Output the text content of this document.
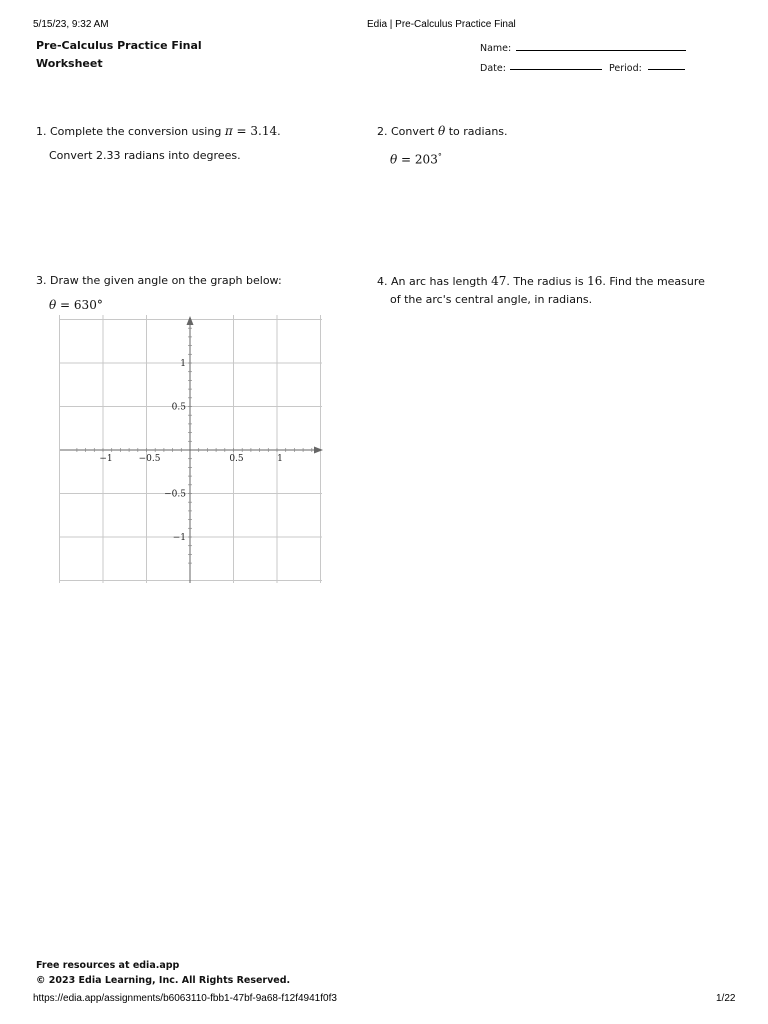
5/15/23, 9:32 AM	Edia | Pre-Calculus Practice Final
Pre-Calculus Practice Final
Worksheet
Name:
Date:	Period:
1. Complete the conversion using π = 3.14.
Convert 2.33 radians into degrees.
2. Convert θ to radians.
θ = 203°
3. Draw the given angle on the graph below:
θ = 630°
4. An arc has length 47. The radius is 16. Find the measure
of the arc's central angle, in radians.
−1	−0.5	0.5	1
1
0.5
−0.5
−1
Free resources at edia.app
© 2023 Edia Learning, Inc. All Rights Reserved.
https://edia.app/assignments/b6063110-fbb1-47bf-9a68-f12f4941f0f3	1/22
